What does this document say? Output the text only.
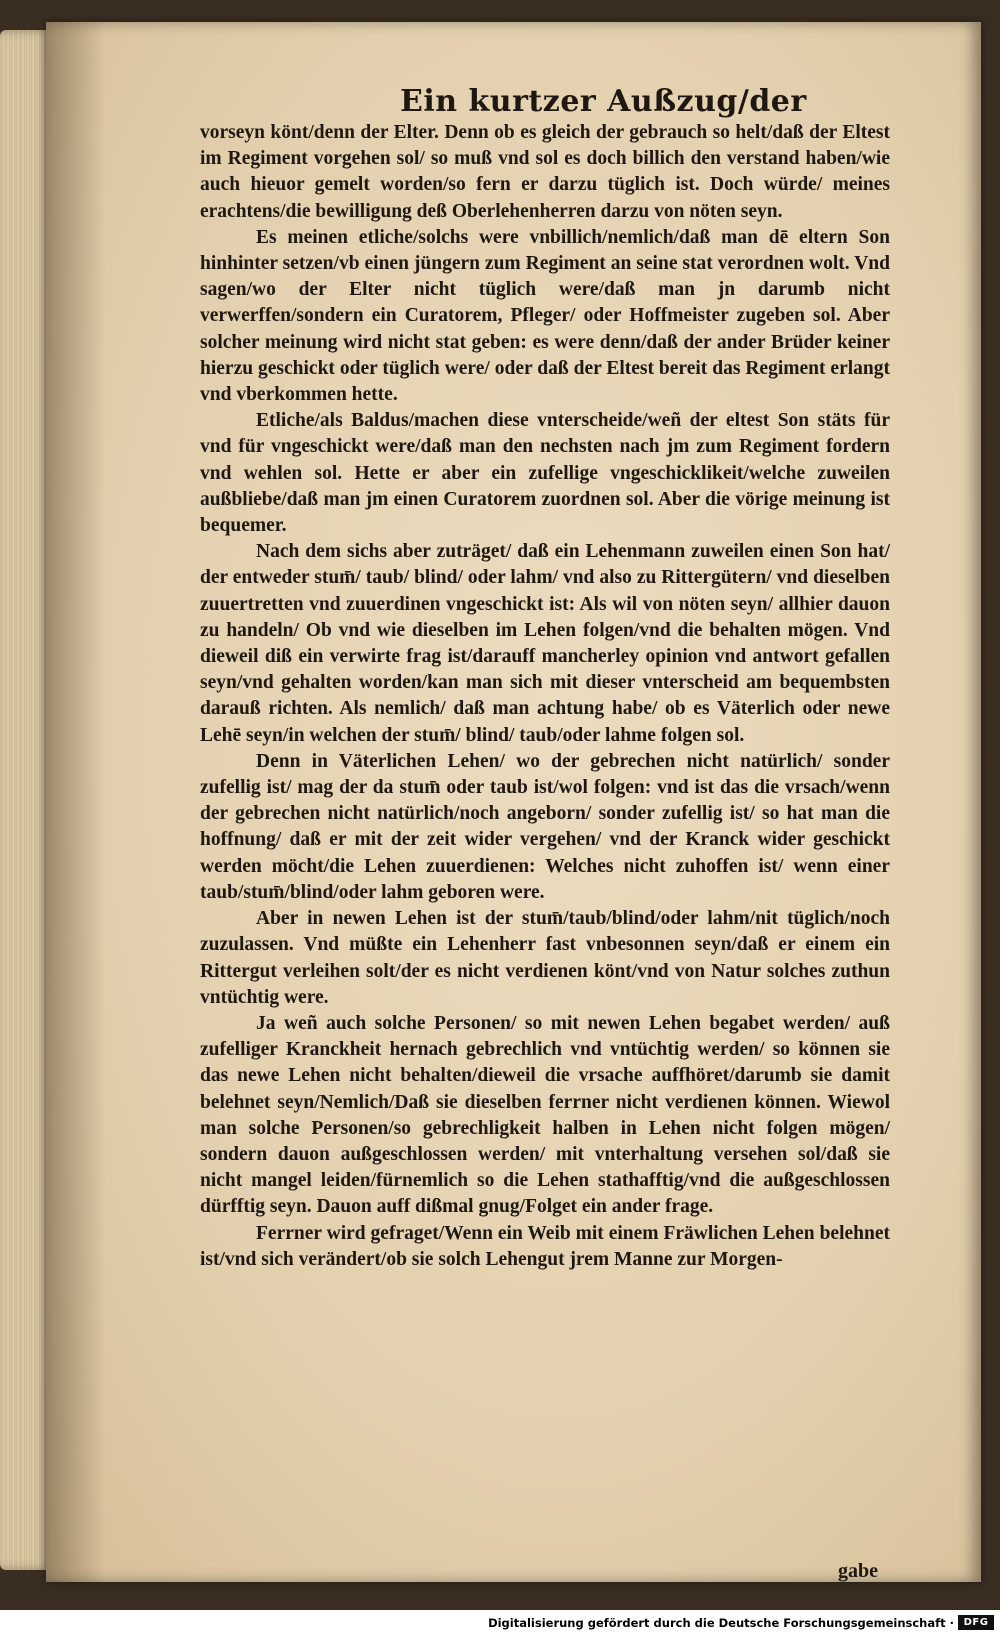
Ein kurtzer Außzug/der

vorseyn könt/denn der Elter. Denn ob es gleich der gebrauch so helt/daß der Eltest im Regiment vorgehen sol/ so muß vnd sol es doch billich den verstand haben/wie auch hieuor gemelt worden/so fern er darzu tüglich ist. Doch würde/ meines erachtens/die bewilligung deß Oberlehenherren darzu von nöten seyn.

Es meinen etliche/solchs were vnbillich/nemlich/daß man dē eltern Son hinhinter setzen/vb einen jüngern zum Regiment an seine stat verordnen wolt. Vnd sagen/wo der Elter nicht tüglich were/daß man jn darumb nicht verwerffen/sondern ein Curatorem, Pfleger/ oder Hoffmeister zugeben sol. Aber solcher meinung wird nicht stat geben: es were denn/daß der ander Brüder keiner hierzu geschickt oder tüglich were/ oder daß der Eltest bereit das Regiment erlangt vnd vberkommen hette.

Etliche/als Baldus/machen diese vnterscheide/weñ der eltest Son stäts für vnd für vngeschickt were/daß man den nechsten nach jm zum Regiment fordern vnd wehlen sol. Hette er aber ein zufellige vngeschicklikeit/welche zuweilen außbliebe/daß man jm einen Curatorem zuordnen sol. Aber die vörige meinung ist bequemer.

Nach dem sichs aber zuträget/ daß ein Lehenmann zuweilen einen Son hat/ der entweder stum̄/ taub/ blind/ oder lahm/ vnd also zu Rittergütern/ vnd dieselben zuuertretten vnd zuuerdinen vngeschickt ist: Als wil von nöten seyn/ allhier dauon zu handeln/ Ob vnd wie dieselben im Lehen folgen/vnd die behalten mögen. Vnd dieweil diß ein verwirte frag ist/darauff mancherley opinion vnd antwort gefallen seyn/vnd gehalten worden/kan man sich mit dieser vnterscheid am bequembsten darauß richten. Als nemlich/ daß man achtung habe/ ob es Väterlich oder newe Lehē seyn/in welchen der stum̄/ blind/ taub/oder lahme folgen sol.

Denn in Väterlichen Lehen/ wo der gebrechen nicht natürlich/ sonder zufellig ist/ mag der da stum̄ oder taub ist/wol folgen: vnd ist das die vrsach/wenn der gebrechen nicht natürlich/noch angeborn/ sonder zufellig ist/ so hat man die hoffnung/ daß er mit der zeit wider vergehen/ vnd der Kranck wider geschickt werden möcht/die Lehen zuuerdienen: Welches nicht zuhoffen ist/ wenn einer taub/stum̄/blind/oder lahm geboren were.

Aber in newen Lehen ist der stum̄/taub/blind/oder lahm/nit tüglich/noch zuzulassen. Vnd müßte ein Lehenherr fast vnbesonnen seyn/daß er einem ein Rittergut verleihen solt/der es nicht verdienen könt/vnd von Natur solches zuthun vntüchtig were.

Ja weñ auch solche Personen/ so mit newen Lehen begabet werden/ auß zufelliger Kranckheit hernach gebrechlich vnd vntüchtig werden/ so können sie das newe Lehen nicht behalten/dieweil die vrsache auffhöret/darumb sie damit belehnet seyn/Nemlich/Daß sie dieselben ferrner nicht verdienen können. Wiewol man solche Personen/so gebrechligkeit halben in Lehen nicht folgen mögen/ sondern dauon außgeschlossen werden/ mit vnterhaltung versehen sol/daß sie nicht mangel leiden/fürnemlich so die Lehen stathafftig/vnd die außgeschlossen dürfftig seyn. Dauon auff dißmal gnug/Folget ein ander frage.

Ferrner wird gefraget/Wenn ein Weib mit einem Fräwlichen Lehen belehnet ist/vnd sich verändert/ob sie solch Lehengut jrem Manne zur Morgen-

gabe
Digitalisierung gefördert durch die Deutsche Forschungsgemeinschaft · DFG
